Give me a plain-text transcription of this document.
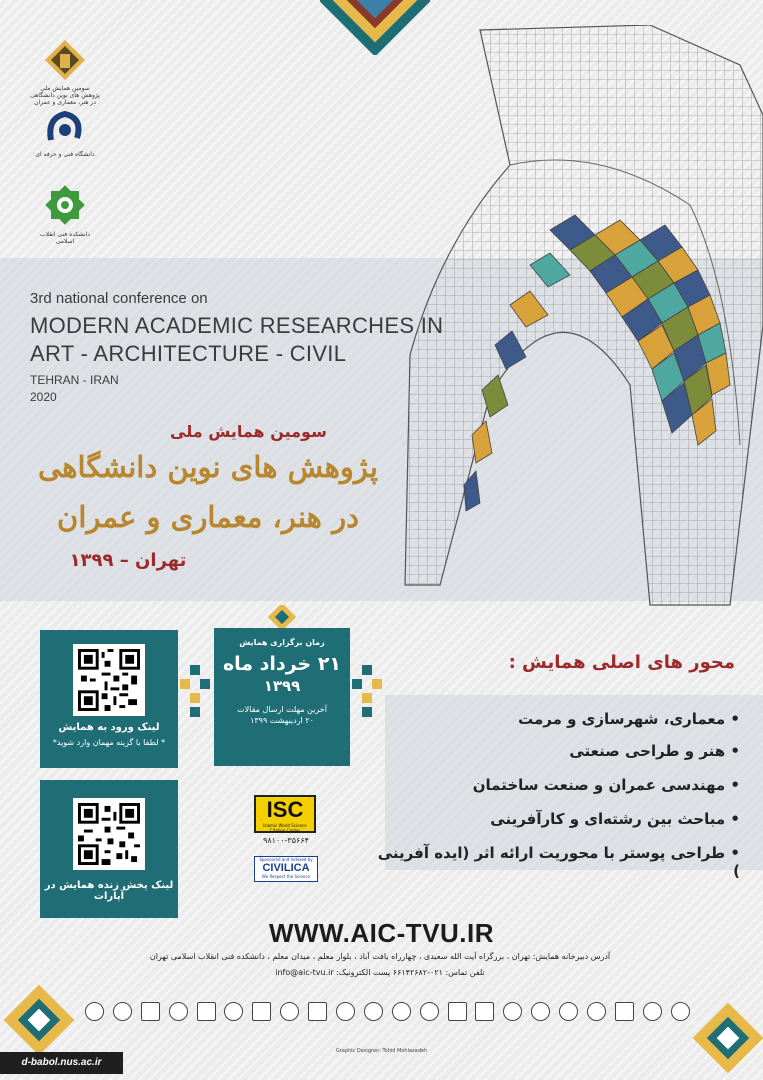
سومین همایش ملی پژوهش های نوین دانشگاهی در هنر، معماری و عمران
دانشگاه فنی و حرفه ای
دانشکده فنی انقلاب اسلامی
3rd national conference on
MODERN ACADEMIC RESEARCHES IN
ART - ARCHITECTURE - CIVIL
TEHRAN - IRAN
2020
سومین همایش ملی
پژوهش های نوین دانشگاهی
در هنر، معماری و عمران
تهران – ۱۳۹۹
لینک ورود به همایش
* لطفا با گزینه مهمان وارد شوید*
لینک پخش زنده همایش در آپارات
زمان برگزاری همایش
۲۱ خرداد ماه
۱۳۹۹
آخرین مهلت ارسال مقالات
۲۰ اردیبهشت ۱۳۹۹
ISC
Islamic World Science Citation Center
۹۸۱۰۰-۳۵۶۶۴
Sponsored and Indexed by
CIVILICA
We Respect the Science
محور های اصلی همایش :
• معماری، شهرسازی و مرمت
• هنر و طراحی صنعتی
• مهندسی عمران و صنعت ساختمان
• مباحث بین رشته‌ای و کارآفرینی
• طراحی پوستر با محوریت ارائه اثر (ایده آفرینی )
WWW.AIC-TVU.IR
آدرس دبیرخانه همایش: تهران ، بزرگراه آیت الله سعیدی ، چهارراه یافت آباد ، بلوار معلم ، میدان معلم ، دانشکده فنی انقلاب اسلامی تهران
تلفن تماس: ۰۲۱-۶۶۱۴۲۶۸۲ پست الکترونیک: info@aic-tvu.ir
Graphic Designer: Tohid Mohlazadeh
d-babol.nus.ac.ir
